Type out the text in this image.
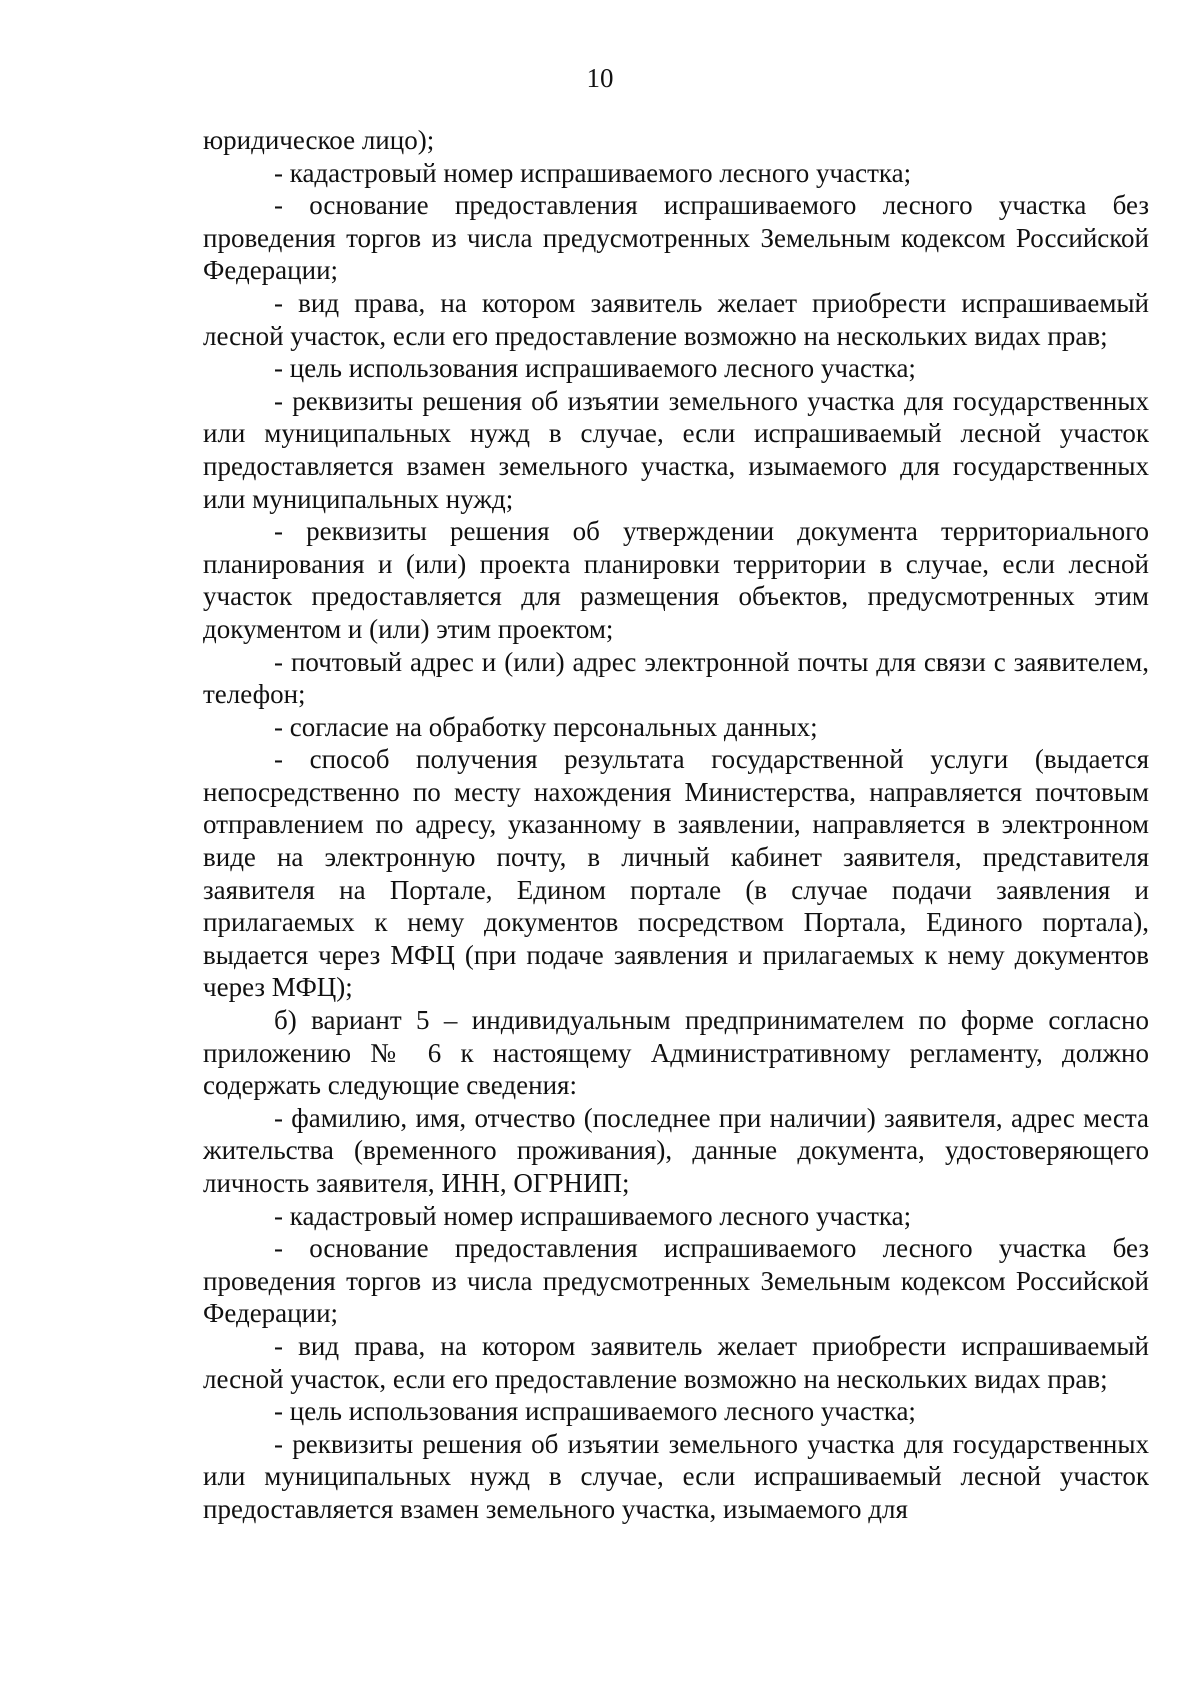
10

юридическое лицо);

- кадастровый номер испрашиваемого лесного участка;

- основание предоставления испрашиваемого лесного участка без проведения торгов из числа предусмотренных Земельным кодексом Российской Федерации;

- вид права, на котором заявитель желает приобрести испрашиваемый лесной участок, если его предоставление возможно на нескольких видах прав;

- цель использования испрашиваемого лесного участка;

- реквизиты решения об изъятии земельного участка для государственных или муниципальных нужд в случае, если испрашиваемый лесной участок предоставляется взамен земельного участка, изымаемого для государственных или муниципальных нужд;

- реквизиты решения об утверждении документа территориального планирования и (или) проекта планировки территории в случае, если лесной участок предоставляется для размещения объектов, предусмотренных этим документом и (или) этим проектом;

- почтовый адрес и (или) адрес электронной почты для связи с заявителем, телефон;

- согласие на обработку персональных данных;

- способ получения результата государственной услуги (выдается непосредственно по месту нахождения Министерства, направляется почтовым отправлением по адресу, указанному в заявлении, направляется в электронном виде на электронную почту, в личный кабинет заявителя, представителя заявителя на Портале, Едином портале (в случае подачи заявления и прилагаемых к нему документов посредством Портала, Единого портала), выдается через МФЦ (при подаче заявления и прилагаемых к нему документов через МФЦ);

б) вариант 5 – индивидуальным предпринимателем по форме согласно приложению № 6 к настоящему Административному регламенту, должно содержать следующие сведения:

- фамилию, имя, отчество (последнее при наличии) заявителя, адрес места жительства (временного проживания), данные документа, удостоверяющего личность заявителя, ИНН, ОГРНИП;

- кадастровый номер испрашиваемого лесного участка;

- основание предоставления испрашиваемого лесного участка без проведения торгов из числа предусмотренных Земельным кодексом Российской Федерации;

- вид права, на котором заявитель желает приобрести испрашиваемый лесной участок, если его предоставление возможно на нескольких видах прав;

- цель использования испрашиваемого лесного участка;

- реквизиты решения об изъятии земельного участка для государственных или муниципальных нужд в случае, если испрашиваемый лесной участок предоставляется взамен земельного участка, изымаемого для
